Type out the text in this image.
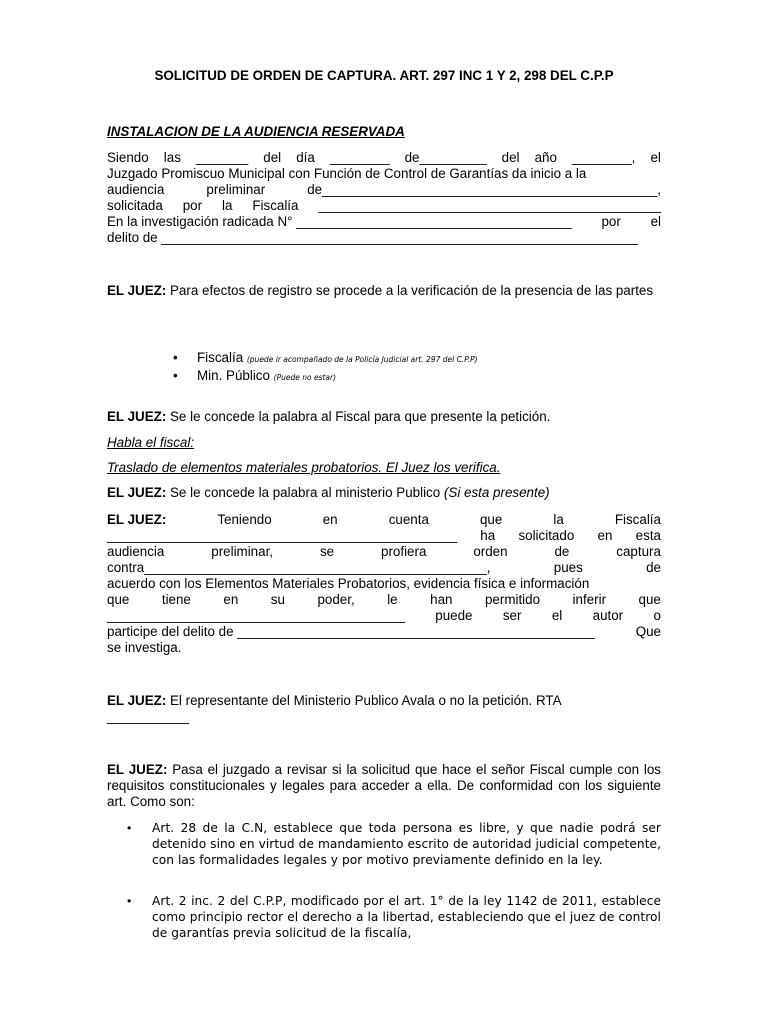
SOLICITUD DE ORDEN DE CAPTURA. ART. 297 INC 1 Y 2, 298 DEL C.P.P

INSTALACION DE LA AUDIENCIA RESERVADA

Siendo las _______ del día ________ de_________ del año ________, el
Juzgado Promiscuo Municipal con Función de Control de Garantías da inicio a la
audiencia	preliminar	de_____________________________________________,
solicitada por la Fiscalía ______________________________________________
En la investigación radicada N° _____________________________________ por el
delito de ________________________________________________________________

EL JUEZ: Para efectos de registro se procede a la verificación de la presencia de las partes

• Fiscalía (puede ir acompañado de la Policía Judicial art. 297 del C.P.P)
• Min. Público (Puede no estar)

EL JUEZ: Se le concede la palabra al Fiscal para que presente la petición.

Habla el fiscal:

Traslado de elementos materiales probatorios. El Juez los verifica.

EL JUEZ: Se le concede la palabra al ministerio Publico (Si esta presente)

EL JUEZ:	Teniendo	en	cuenta	que	la	Fiscalía
_______________________________________________ ha solicitado en esta
audiencia	preliminar,	se	profiera	orden	de	captura
contra______________________________________________,	pues	de
acuerdo con los Elementos Materiales Probatorios, evidencia física e información
que tiene en su poder, le han permitido inferir que
________________________________________ puede ser el autor o
participe del delito de ________________________________________________	Que
se investiga.

EL JUEZ: El representante del Ministerio Publico Avala o no la petición. RTA
___________

EL JUEZ: Pasa el juzgado a revisar si la solicitud que hace el señor Fiscal cumple con los requisitos constitucionales y legales para acceder a ella. De conformidad con los siguiente art. Como son:

• Art. 28 de la C.N, establece que toda persona es libre, y que nadie podrá ser detenido sino en virtud de mandamiento escrito de autoridad judicial competente, con las formalidades legales y por motivo previamente definido en la ley.
• Art. 2 inc. 2 del C.P.P, modificado por el art. 1° de la ley 1142 de 2011, establece como principio rector el derecho a la libertad, estableciendo que el juez de control de garantías previa solicitud de la fiscalía,
